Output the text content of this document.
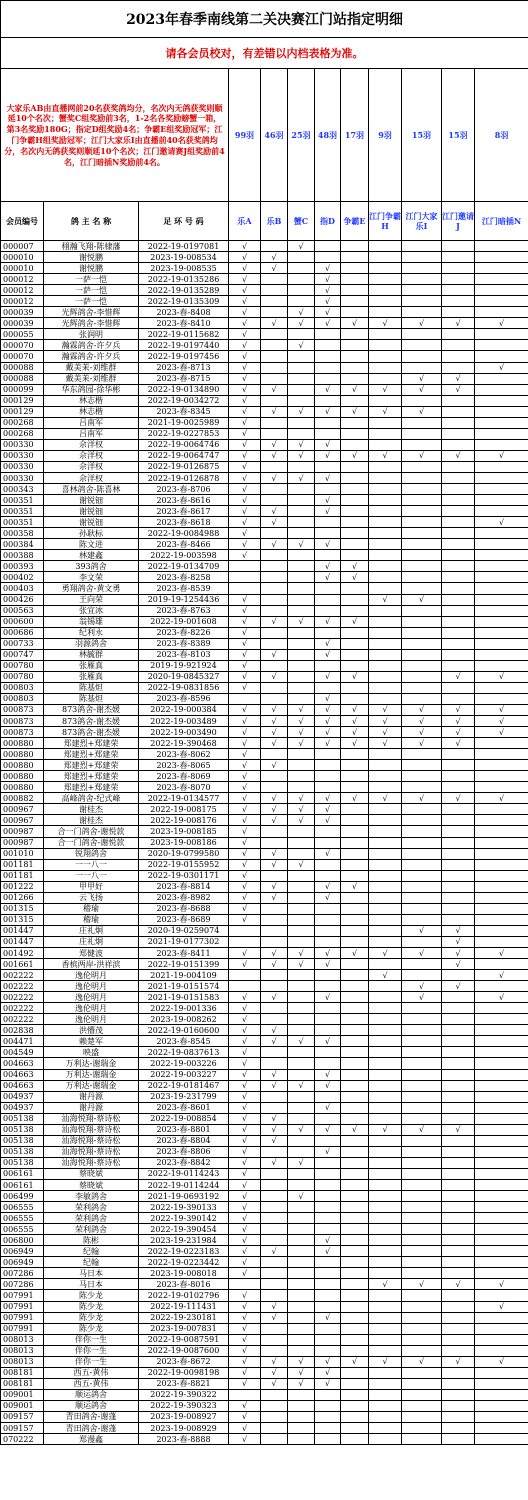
2023年春季南线第二关决赛江门站指定明细											
请各会员校对，有差错以内档表格为准。											
大家乐AB由直播网前20名获奖鸽均分，名次内无鸽获奖则顺延10个名次；蟹奖C组奖励前3名，1-2名各奖励螃蟹一箱，第3名奖励180G；指定D组奖励4名；争霸E组奖励冠军；江门争霸H组奖励冠军；江门大家乐I由直播前40名获奖鸽均分，名次内无鸽获奖则顺延10个名次；江门邀请赛J组奖励前4名，江门暗插N奖励前4名。			99羽	46羽	25羽	48羽	17羽	9羽	15羽	15羽	8羽
会员编号	鸽 主 名 称	足 环 号 码	乐A	乐B	蟹C	指D	争霸E	江门争霸H	江门大家乐I	江门邀请J	江门暗插N
000007	栩瀚飞翔-陈棣藩	2022-19-0197081	√		√						
000010	谢悦鹏	2023-19-008534	√	√							
000010	谢悦鹏	2023-19-008535	√	√		√					
000012	一萨一恺	2022-19-0135286	√			√					
000012	一萨一恺	2022-19-0135289	√			√					
000012	一萨一恺	2022-19-0135309	√			√					
000039	光辉鸽舍-李惜辉	2023-春-8408	√		√	√					
000039	光辉鸽舍-李惜辉	2023-春-8410	√	√	√	√	√	√	√	√	√
000055	张润明	2022-19-0115682	√								
000070	瀚霖鸽舍-许夕兵	2022-19-0197440	√		√						
000070	瀚霖鸽舍-许夕兵	2022-19-0197456	√								
000088	戴美茉-刘维群	2023-春-8713	√								√
000088	戴美茉-刘维群	2023-春-8715	√						√	√	
000099	华东鸽园-徐华彬	2022-19-0134890	√	√		√	√	√	√	√	
000129	林志楷	2022-19-0034272	√								
000129	林志楷	2023-春-8345	√	√	√	√	√	√	√		
000268	吕南军	2021-19-0025989	√								
000268	吕南军	2022-19-0227853	√								
000330	佘洋权	2022-19-0064746	√	√	√	√					
000330	佘洋权	2022-19-0064747	√	√	√	√	√	√	√	√	√
000330	佘洋权	2022-19-0126875	√								
000330	佘洋权	2022-19-0126878	√	√	√	√					
000343	喜林鸽舍-陈喜林	2023-春-8706	√								
000351	谢锐钿	2023-春-8616	√			√					
000351	谢锐钿	2023-春-8617	√	√		√					
000351	谢锐钿	2023-春-8618	√	√							√
000358	孙耿标	2022-19-0084988	√								
000384	陈文进	2023-春-8466	√	√	√	√					
000388	林建鑫	2022-19-003598	√								
000393	393鸽舍	2022-19-0134709				√	√				
000402	李文荣	2023-春-8258				√	√				
000403	勇翔鸽舍-黄文勇	2023-春-8539									
000426	王向荣	2019-19-1254436	√					√	√		
000563	张宜冰	2023-春-8763	√								
000600	翁锡雄	2022-19-001608	√	√	√	√	√				
000686	纪利永	2023-春-8226	√								
000733	羽源鸽舍	2023-春-8389	√			√					
000747	林毓群	2023-春-8103	√	√		√					
000780	张雁真	2019-19-921924	√								
000780	张雁真	2020-19-0845327	√	√		√	√			√	√
000803	陈基炟	2022-19-0831856	√								
000803	陈基炟	2023-春-8596				√					
000873	873鸽舍-谢杰媛	2022-19-000384	√	√	√	√	√	√	√	√	√
000873	873鸽舍-谢杰媛	2022-19-003489	√	√	√	√	√	√	√	√	√
000873	873鸽舍-谢杰媛	2022-19-003490	√	√	√	√	√	√	√	√	√
000880	郑建烈+郑建荣	2022-19-390468	√	√	√	√	√	√	√	√	
000880	郑建烈+郑建荣	2023-春-8062	√								
000880	郑建烈+郑建荣	2023-春-8065	√	√							
000880	郑建烈+郑建荣	2023-春-8069	√								
000880	郑建烈+郑建荣	2023-春-8070	√								
000882	高峰鸽舍-纪式峰	2022-19-0134577	√	√	√	√	√	√	√	√	√
000967	谢桂杰	2022-19-008175	√	√	√	√					
000967	谢桂杰	2022-19-008176	√	√	√	√					
000987	合一门鸽舍-谢悦款	2023-19-008185	√								
000987	合一门鸽舍-谢悦款	2023-19-008186	√								
001010	锐翔鸽舍	2020-19-0799580	√	√		√					
001181	一一八一	2022-19-0155952	√	√	√						
001181	一一八一	2022-19-0301171	√								
001222	甲甲好	2023-春-8814	√	√		√	√				
001266	云飞扬	2023-春-8982	√	√		√					
001315	稽瑜	2023-春-8688	√								
001315	稽瑜	2023-春-8689	√								
001447	庄礼炯	2020-19-0259074							√	√	
001447	庄礼炯	2021-19-0177302								√	
001492	郑健波	2023-春-8411	√	√	√	√	√	√	√	√	√
001661	香槟两岸-洪祥滨	2022-19-0151399	√	√	√	√				√	
002222	逸伦明月	2021-19-004109						√			√
002222	逸伦明月	2021-19-0151574							√	√	
002222	逸伦明月	2021-19-0151583	√	√		√			√		√
002222	逸伦明月	2022-19-001336	√								
002222	逸伦明月	2023-19-008262	√								
002838	洪懵茂	2022-19-0160600	√	√							
004471	赖楚军	2023-春-8545	√	√	√	√					
004549	映盛	2022-19-0837613	√								
004663	万利达-谢瑞金	2022-19-003226	√								
004663	万利达-谢瑞金	2022-19-003227	√	√		√					
004663	万利达-谢瑞金	2022-19-0181467	√	√	√	√					
004937	谢丹源	2023-19-231799	√								
004937	谢丹源	2023-春-8601	√			√					
005138	汕海悦翔-蔡诗松	2022-19-008854	√	√							
005138	汕海悦翔-蔡诗松	2023-春-8801	√	√	√	√	√	√	√	√	
005138	汕海悦翔-蔡诗松	2023-春-8804	√	√							
005138	汕海悦翔-蔡诗松	2023-春-8806	√			√					
005138	汕海悦翔-蔡诗松	2023-春-8842	√	√	√						
006161	蔡晓斌	2022-19-0114243	√								
006161	蔡晓斌	2022-19-0114244	√								
006499	李敏鸽舍	2021-19-0693192	√		√						
006555	荣利鸽舍	2022-19-390133	√								
006555	荣利鸽舍	2022-19-390142	√								
006555	荣利鸽舍	2022-19-390454	√								
006800	陈彬	2023-19-231984	√			√					
006949	纪翰	2022-19-0223183	√	√		√					
006949	纪翰	2022-19-0223442	√								
007286	马日本	2023-19-008018	√								
007286	马日本	2023-春-8016						√	√	√	√
007991	陈少龙	2022-19-0102796	√								
007991	陈少龙	2022-19-111431	√	√							√
007991	陈少龙	2022-19-230181	√	√		√					
007991	陈少龙	2023-19-007831	√								
008013	伴你一生	2022-19-0087591	√								
008013	伴你一生	2022-19-0087600	√								
008013	伴你一生	2023-春-8672	√	√	√	√	√	√	√	√	√
008181	西五-黄伟	2022-19-0098198	√	√	√	√					
008181	西五-黄伟	2023-春-8821	√	√	√	√					
009001	顺运鸽舍	2022-19-390322									
009001	顺运鸽舍	2022-19-390323	√								
009157	青田鸽舍-谢蓬	2023-19-008927	√								
009157	青田鸽舍-谢蓬	2023-19-008929	√								
070222	郑漫鑫	2023-春-8888	√								
